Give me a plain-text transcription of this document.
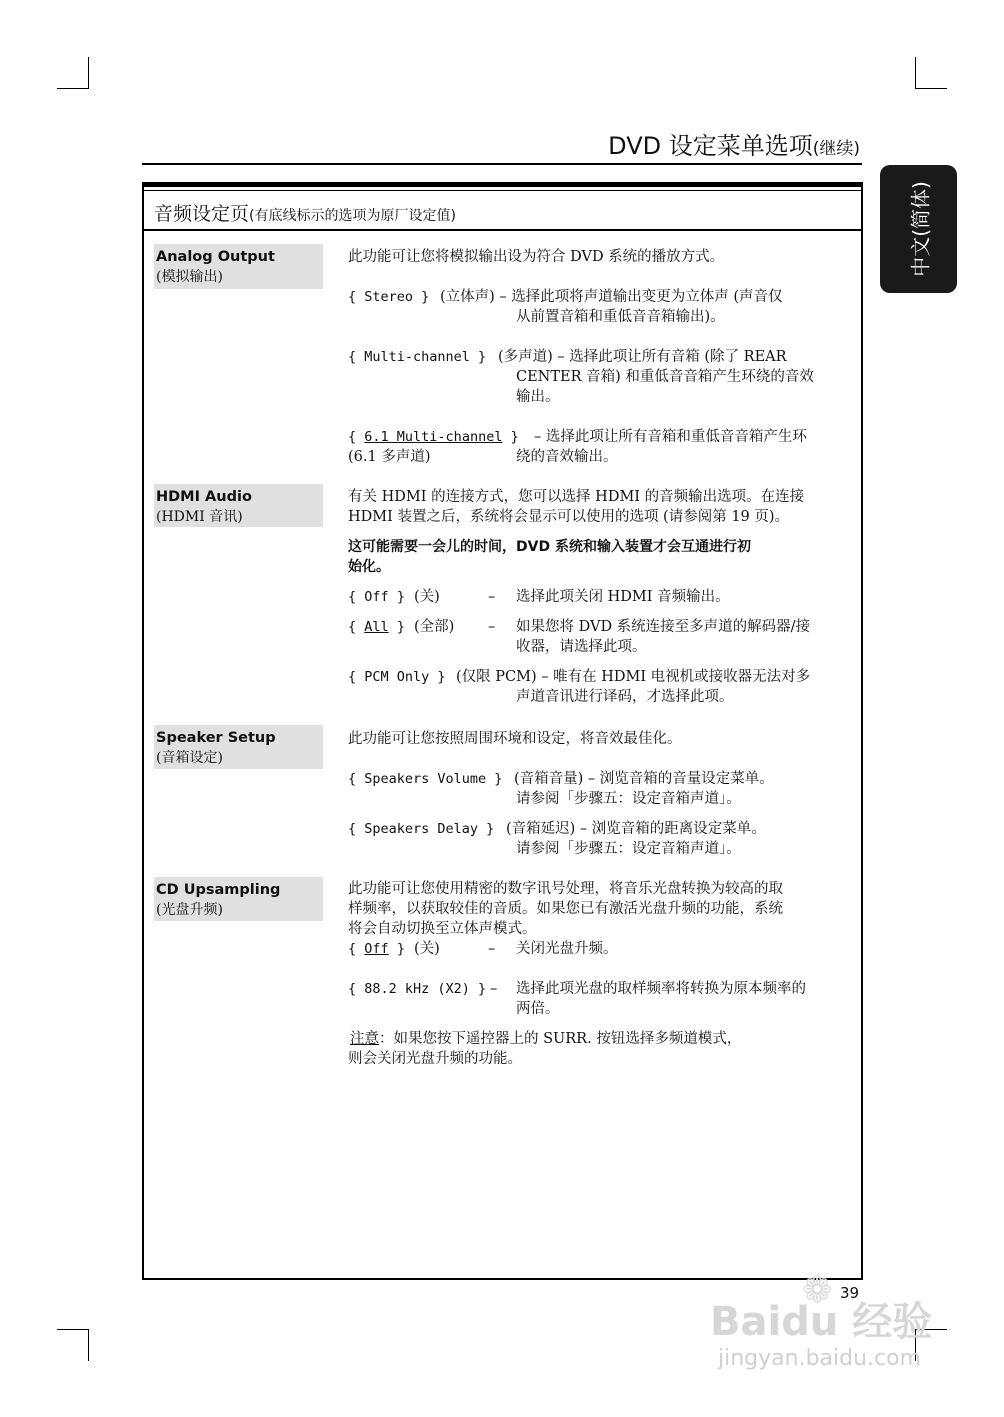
DVD 设定菜单选项(继续)
中文(简体)
音频设定页(有底线标示的选项为原厂设定值)
Analog Output
(模拟输出)
此功能可让您将模拟输出设为符合 DVD 系统的播放方式。
{ Stereo } (立体声) – 选择此项将声道输出变更为立体声 (声音仅
从前置音箱和重低音音箱输出)。
{ Multi-channel } (多声道) – 选择此项让所有音箱 (除了 REAR
CENTER 音箱) 和重低音音箱产生环绕的音效
输出。
{ 6.1 Multi-channel }
(6.1 多声道)
– 选择此项让所有音箱和重低音音箱产生环
绕的音效输出。
HDMI Audio
(HDMI 音讯)
有关 HDMI 的连接方式，您可以选择 HDMI 的音频输出选项。在连接
HDMI 装置之后，系统将会显示可以使用的选项 (请参阅第 19 页)。
这可能需要一会儿的时间，DVD 系统和输入装置才会互通进行初
始化。
{ Off } (关)	– 选择此项关闭 HDMI 音频输出。
{ All } (全部) – 如果您将 DVD 系统连接至多声道的解码器/接
收器，请选择此项。
{ PCM Only } (仅限 PCM) – 唯有在 HDMI 电视机或接收器无法对多
声道音讯进行译码，才选择此项。
Speaker Setup
(音箱设定)
此功能可让您按照周围环境和设定，将音效最佳化。
{ Speakers Volume } (音箱音量) – 浏览音箱的音量设定菜单。
请参阅「步骤五：设定音箱声道」。
{ Speakers Delay } (音箱延迟) – 浏览音箱的距离设定菜单。
请参阅「步骤五：设定音箱声道」。
CD Upsampling
(光盘升频)
此功能可让您使用精密的数字讯号处理，将音乐光盘转换为较高的取
样频率，以获取较佳的音质。如果您已有激活光盘升频的功能，系统
将会自动切换至立体声模式。
{ Off } (关)	– 关闭光盘升频。
{ 88.2 kHz (X2) } – 选择此项光盘的取样频率将转换为原本频率的
两倍。
注意：如果您按下遥控器上的 SURR. 按钮选择多频道模式，
则会关闭光盘升频的功能。
39
❁
Baidu 经验
jingyan.baidu.com
